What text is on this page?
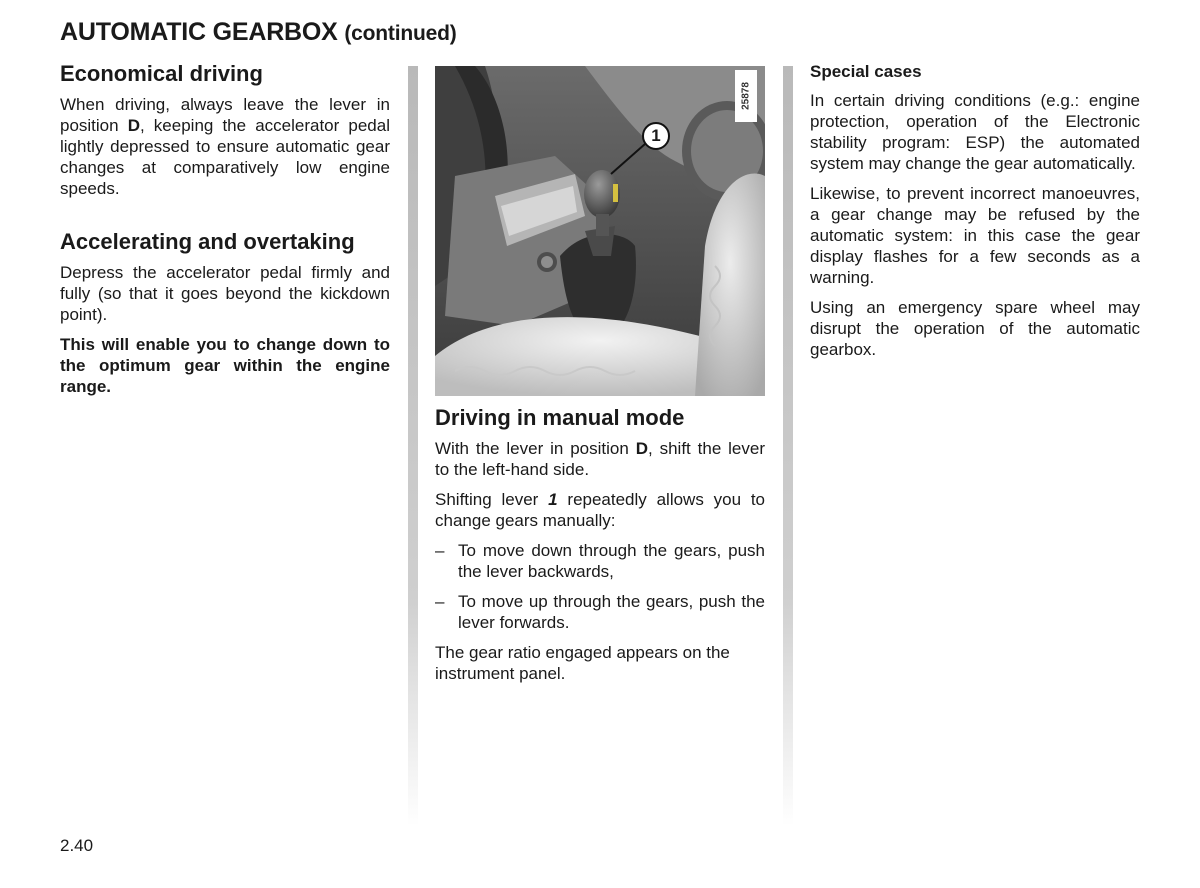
AUTOMATIC GEARBOX (continued)
Economical driving

When driving, always leave the lever in position D, keeping the accelerator pedal lightly depressed to ensure automatic gear changes at comparatively low engine speeds.

Accelerating and overtaking

Depress the accelerator pedal firmly and fully (so that it goes beyond the kickdown point).

This will enable you to change down to the optimum gear within the engine range.

25878
1
Driving in manual mode

With the lever in position D, shift the lever to the left-hand side.

Shifting lever 1 repeatedly allows you to change gears manually:

– To move down through the gears, push the lever backwards,
– To move up through the gears, push the lever forwards.

The gear ratio engaged appears on the instrument panel.

Special cases

In certain driving conditions (e.g.: engine protection, operation of the Electronic stability program: ESP) the automated system may change the gear automatically.

Likewise, to prevent incorrect manoeuvres, a gear change may be refused by the automatic system: in this case the gear display flashes for a few seconds as a warning.

Using an emergency spare wheel may disrupt the operation of the automatic gearbox.

2.40
